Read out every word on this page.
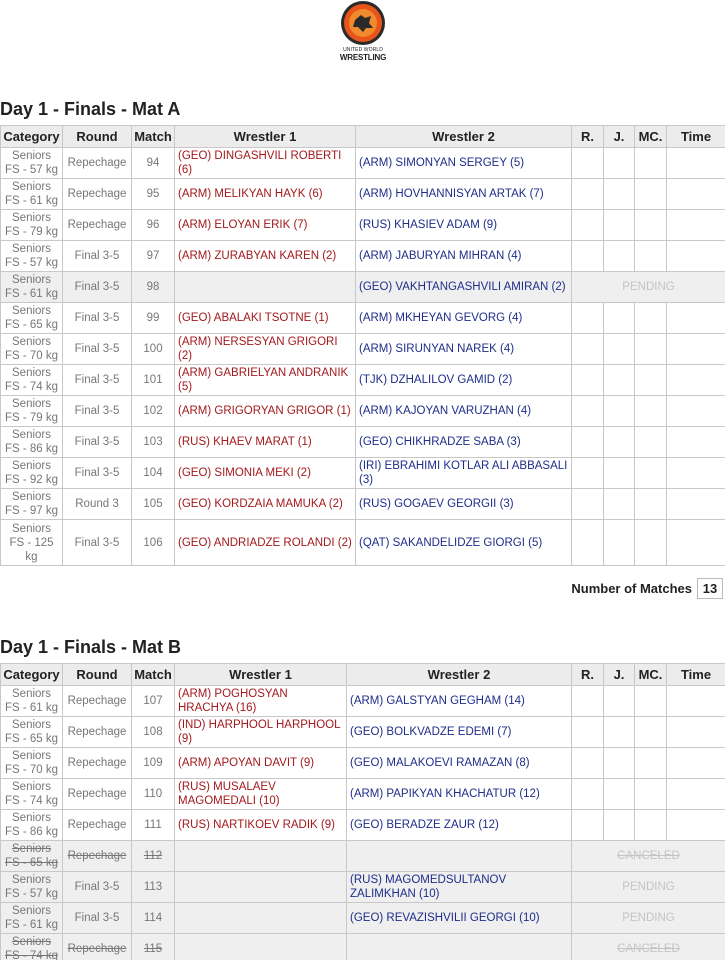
UNITED WORLD
WRESTLING
Day 1 - Finals - Mat A
Category	Round	Match	Wrestler 1	Wrestler 2	R.	J.	MC.	Time
Seniors FS - 57 kg	Repechage	94	(GEO) DINGASHVILI ROBERTI (6)	(ARM) SIMONYAN SERGEY (5)				
Seniors FS - 61 kg	Repechage	95	(ARM) MELIKYAN HAYK (6)	(ARM) HOVHANNISYAN ARTAK (7)				
Seniors FS - 79 kg	Repechage	96	(ARM) ELOYAN ERIK (7)	(RUS) KHASIEV ADAM (9)				
Seniors FS - 57 kg	Final 3-5	97	(ARM) ZURABYAN KAREN (2)	(ARM) JABURYAN MIHRAN (4)				
Seniors FS - 61 kg	Final 3-5	98		(GEO) VAKHTANGASHVILI AMIRAN (2)	PENDING			
Seniors FS - 65 kg	Final 3-5	99	(GEO) ABALAKI TSOTNE (1)	(ARM) MKHEYAN GEVORG (4)				
Seniors FS - 70 kg	Final 3-5	100	(ARM) NERSESYAN GRIGORI (2)	(ARM) SIRUNYAN NAREK (4)				
Seniors FS - 74 kg	Final 3-5	101	(ARM) GABRIELYAN ANDRANIK (5)	(TJK) DZHALILOV GAMID (2)				
Seniors FS - 79 kg	Final 3-5	102	(ARM) GRIGORYAN GRIGOR (1)	(ARM) KAJOYAN VARUZHAN (4)				
Seniors FS - 86 kg	Final 3-5	103	(RUS) KHAEV MARAT (1)	(GEO) CHIKHRADZE SABA (3)				
Seniors FS - 92 kg	Final 3-5	104	(GEO) SIMONIA MEKI (2)	(IRI) EBRAHIMI KOTLAR ALI ABBASALI (3)				
Seniors FS - 97 kg	Round 3	105	(GEO) KORDZAIA MAMUKA (2)	(RUS) GOGAEV GEORGII (3)				
Seniors FS - 125 kg	Final 3-5	106	(GEO) ANDRIADZE ROLANDI (2)	(QAT) SAKANDELIDZE GIORGI (5)				
Number of Matches 13
Day 1 - Finals - Mat B
Category	Round	Match	Wrestler 1	Wrestler 2	R.	J.	MC.	Time
Seniors FS - 61 kg	Repechage	107	(ARM) POGHOSYAN HRACHYA (16)	(ARM) GALSTYAN GEGHAM (14)				
Seniors FS - 65 kg	Repechage	108	(IND) HARPHOOL HARPHOOL (9)	(GEO) BOLKVADZE EDEMI (7)				
Seniors FS - 70 kg	Repechage	109	(ARM) APOYAN DAVIT (9)	(GEO) MALAKOEVI RAMAZAN (8)				
Seniors FS - 74 kg	Repechage	110	(RUS) MUSALAEV MAGOMEDALI (10)	(ARM) PAPIKYAN KHACHATUR (12)				
Seniors FS - 86 kg	Repechage	111	(RUS) NARTIKOEV RADIK (9)	(GEO) BERADZE ZAUR (12)				
Seniors FS - 65 kg	Repechage	112			CANCELED			
Seniors FS - 57 kg	Final 3-5	113		(RUS) MAGOMEDSULTANOV ZALIMKHAN (10)	PENDING			
Seniors FS - 61 kg	Final 3-5	114		(GEO) REVAZISHVILII GEORGI (10)	PENDING			
Seniors FS - 74 kg	Repechage	115			CANCELED			
